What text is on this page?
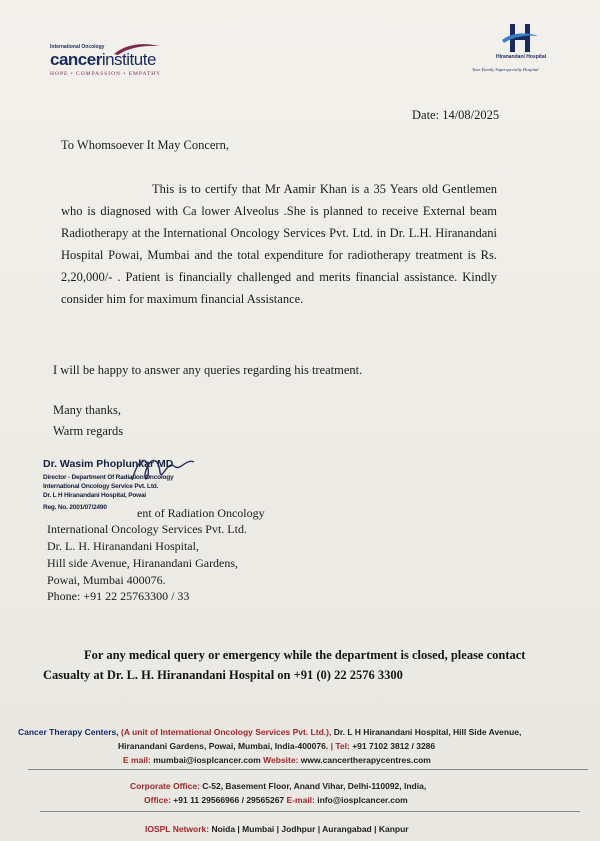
International Oncology
cancerinstitute
HOPE • COMPASSION • EMPATHY
Hiranandani Hospital
Your Family Superspecialty Hospital
Date: 14/08/2025
To Whomsoever It May Concern,
This is to certify that Mr Aamir Khan is a 35 Years old Gentlemen who is diagnosed with Ca lower Alveolus .She is planned to receive External beam Radiotherapy at the International Oncology Services Pvt. Ltd. in Dr. L.H. Hiranandani Hospital Powai, Mumbai and the total expenditure for radiotherapy treatment is Rs. 2,20,000/- . Patient is financially challenged and merits financial assistance. Kindly consider him for maximum financial Assistance.
I will be happy to answer any queries regarding his treatment.
Many thanks,
Warm regards
Dr. Wasim Phoplunkar MD
Director - Department Of Radiation Oncology
International Oncology Service Pvt. Ltd.
Dr. L H Hiranandani Hospital, Powai
Reg. No. 2001/07/2490	ent of Radiation Oncology
International Oncology Services Pvt. Ltd.
Dr. L. H. Hiranandani Hospital,
Hill side Avenue, Hiranandani Gardens,
Powai, Mumbai 400076.
Phone: +91 22 25763300 / 33
For any medical query or emergency while the department is closed, please contact
Casualty at Dr. L. H. Hiranandani Hospital on +91 (0) 22 2576 3300
Cancer Therapy Centers, (A unit of International Oncology Services Pvt. Ltd.), Dr. L H Hiranandani Hospital, Hill Side Avenue,
Hiranandani Gardens, Powai, Mumbai, India-400076. | Tel: +91 7102 3812 / 3286
E mail: mumbai@iosplcancer.com Website: www.cancertherapycentres.com
Corporate Office: C-52, Basement Floor, Anand Vihar, Delhi-110092, India,
Office: +91 11 29566966 / 29565267 E-mail: info@iosplcancer.com
IOSPL Network: Noida | Mumbai | Jodhpur | Aurangabad | Kanpur
